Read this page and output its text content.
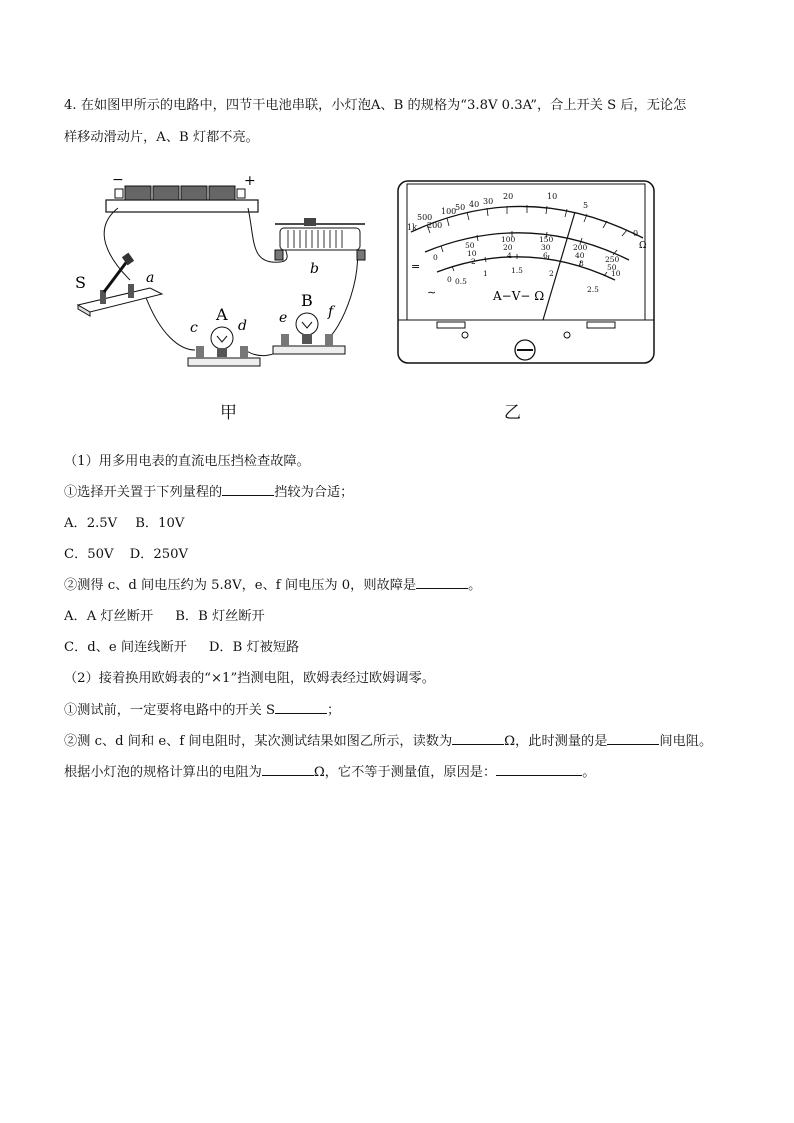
4. 在如图甲所示的电路中，四节干电池串联，小灯泡A、B 的规格为“3.8V 0.3A”，合上开关 S 后，无论怎
样移动滑动片，A、B 灯都不亮。
−	+
b
S	a
A
c	d
B
e	f
甲
1k
500
200
100
50 40 30
20	10
5
0
Ω
0
50
100	150
200
250
10
20	30
40
50
2
4	6
8
10
0 0.5
1	1.5	2
2.5
=
∼	A−V− Ω
乙
（1）用多用电表的直流电压挡检查故障。
①选择开关置于下列量程的	挡较为合适；
A．2.5V B．10V
C．50V D．250V
②测得 c、d 间电压约为 5.8V，e、f 间电压为 0，则故障是	。
A．A 灯丝断开 B．B 灯丝断开
C．d、e 间连线断开 D．B 灯被短路
（2）接着换用欧姆表的“×1”挡测电阻，欧姆表经过欧姆调零。
①测试前，一定要将电路中的开关 S	；
②测 c、d 间和 e、f 间电阻时，某次测试结果如图乙所示，读数为	Ω，此时测量的是	间电阻。
根据小灯泡的规格计算出的电阻为	Ω，它不等于测量值，原因是：	。
